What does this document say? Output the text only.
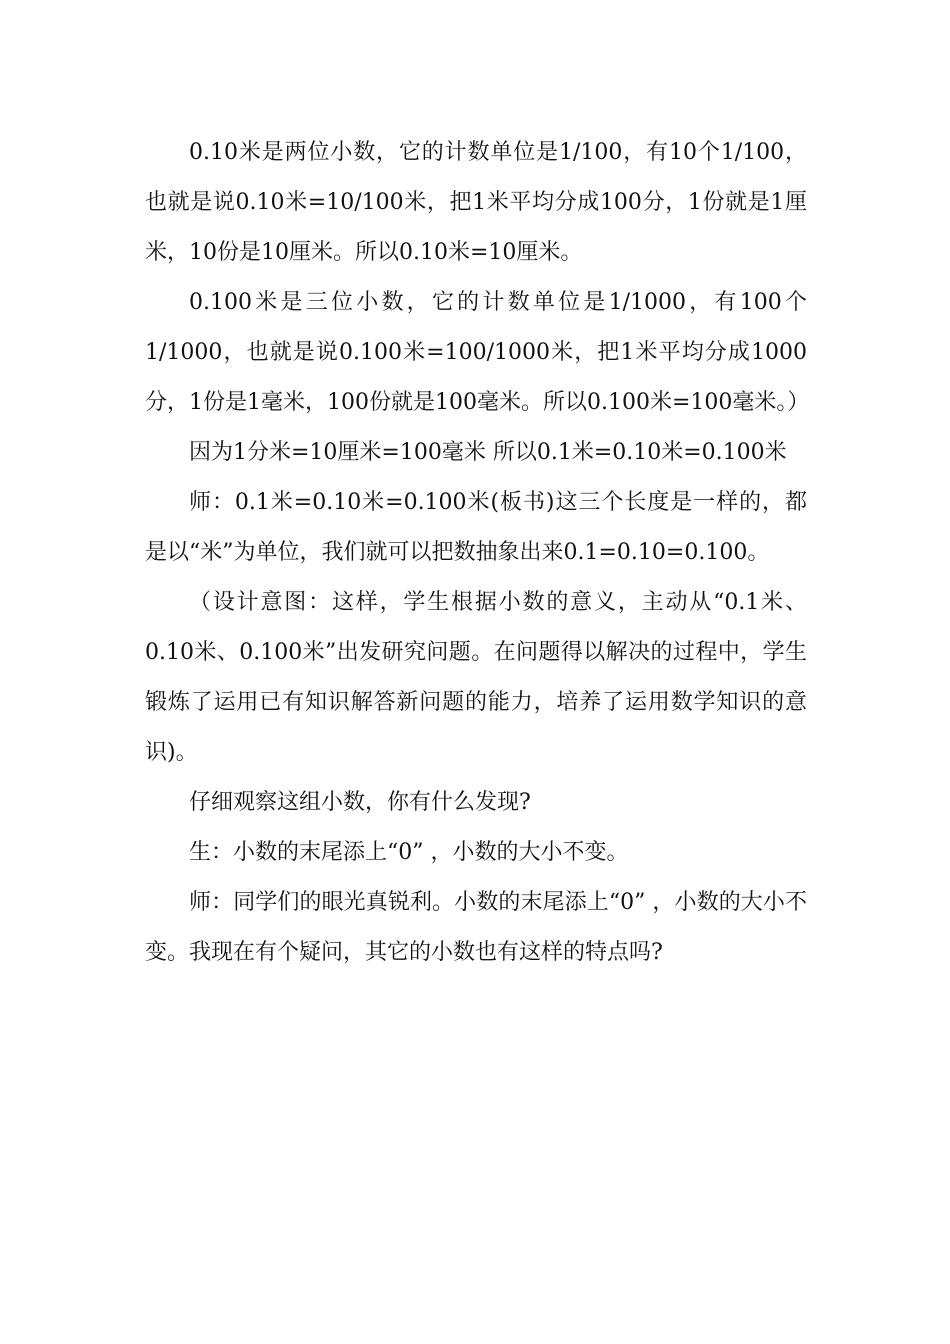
0.10米是两位小数，它的计数单位是1/100，有10个1/100，也就是说0.10米=10/100米，把1米平均分成100分，1份就是1厘米，10份是10厘米。所以0.10米=10厘米。

0.100米是三位小数，它的计数单位是1/1000，有100个1/1000，也就是说0.100米=100/1000米，把1米平均分成1000分，1份是1毫米，100份就是100毫米。所以0.100米=100毫米。）

因为1分米=10厘米=100毫米 所以0.1米=0.10米=0.100米

师：0.1米=0.10米=0.100米(板书)这三个长度是一样的，都是以“米”为单位，我们就可以把数抽象出来0.1=0.10=0.100。

（设计意图：这样，学生根据小数的意义，主动从“0.1米、0.10米、0.100米”出发研究问题。在问题得以解决的过程中，学生锻炼了运用已有知识解答新问题的能力，培养了运用数学知识的意识)。

仔细观察这组小数，你有什么发现?

生：小数的末尾添上“0” ，小数的大小不变。

师：同学们的眼光真锐利。小数的末尾添上“0” ，小数的大小不变。我现在有个疑问，其它的小数也有这样的特点吗?
